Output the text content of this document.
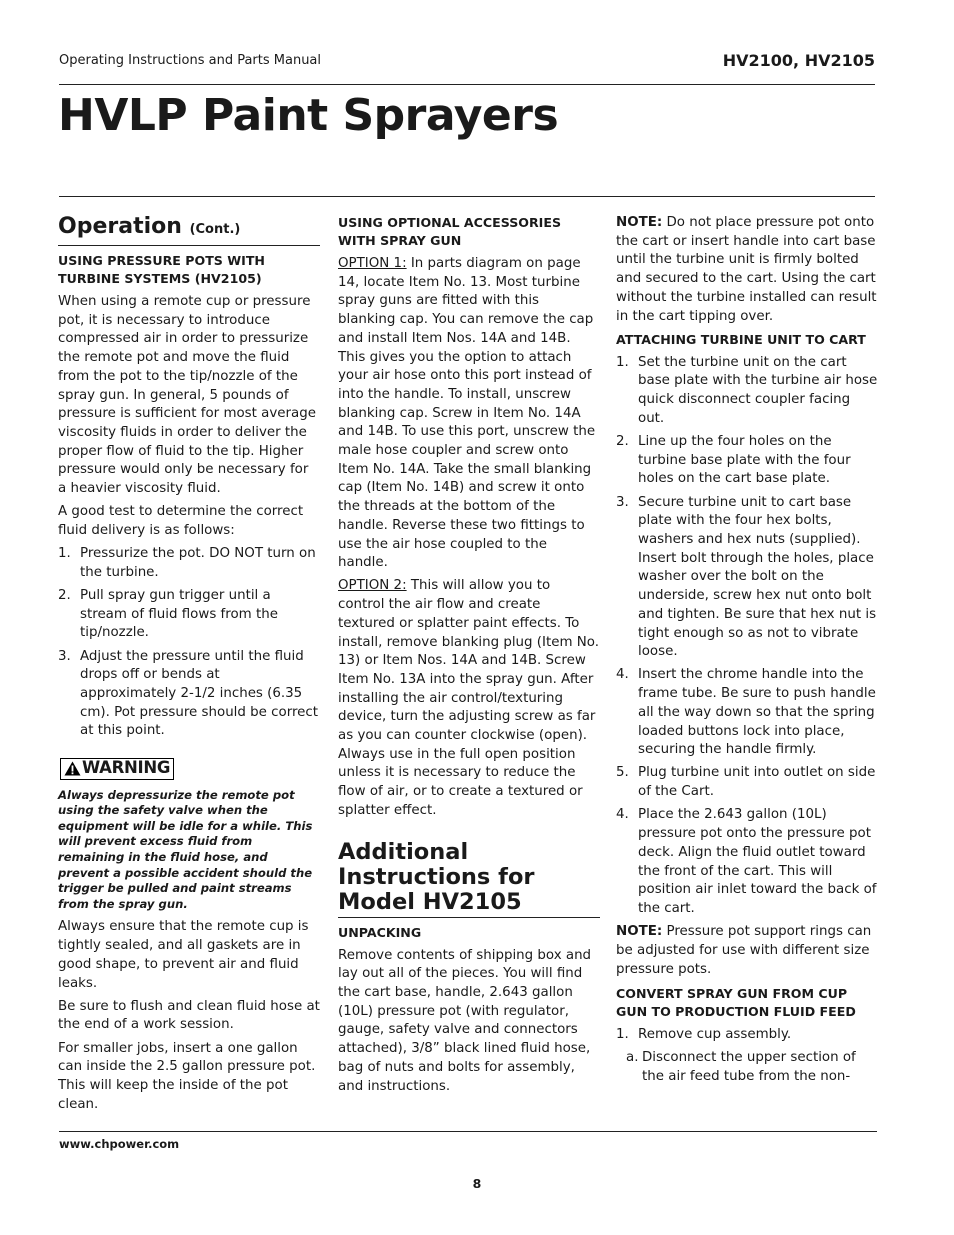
Operating Instructions and Parts Manual	HV2100, HV2105
HVLP Paint Sprayers
Operation (Cont.)
USING PRESSURE POTS WITH TURBINE SYSTEMS (HV2105)

When using a remote cup or pressure pot, it is necessary to introduce compressed air in order to pressurize the remote pot and move the fluid from the pot to the tip/nozzle of the spray gun. In general, 5 pounds of pressure is sufficient for most average viscosity fluids in order to deliver the proper flow of fluid to the tip. Higher pressure would only be necessary for a heavier viscosity fluid.

A good test to determine the correct fluid delivery is as follows:

1. Pressurize the pot. DO NOT turn on the turbine.
2. Pull spray gun trigger until a stream of fluid flows from the tip/nozzle.
3. Adjust the pressure until the fluid drops off or bends at approximately 2-1/2 inches (6.35 cm). Pot pressure should be correct at this point.
WARNING

Always depressurize the remote pot using the safety valve when the equipment will be idle for a while. This will prevent excess fluid from remaining in the fluid hose, and prevent a possible accident should the trigger be pulled and paint streams from the spray gun.

Always ensure that the remote cup is tightly sealed, and all gaskets are in good shape, to prevent air and fluid leaks.

Be sure to flush and clean fluid hose at the end of a work session.

For smaller jobs, insert a one gallon can inside the 2.5 gallon pressure pot. This will keep the inside of the pot clean.

USING OPTIONAL ACCESSORIES WITH SPRAY GUN

OPTION 1: In parts diagram on page 14, locate Item No. 13. Most turbine spray guns are fitted with this blanking cap. You can remove the cap and install Item Nos. 14A and 14B. This gives you the option to attach your air hose onto this port instead of into the handle. To install, unscrew blanking cap. Screw in Item No. 14A and 14B. To use this port, unscrew the male hose coupler and screw onto Item No. 14A. Take the small blanking cap (Item No. 14B) and screw it onto the threads at the bottom of the handle. Reverse these two fittings to use the air hose coupled to the handle.

OPTION 2: This will allow you to control the air flow and create textured or splatter paint effects. To install, remove blanking plug (Item No. 13) or Item Nos. 14A and 14B. Screw Item No. 13A into the spray gun. After installing the air control/texturing device, turn the adjusting screw as far as you can counter clockwise (open). Always use in the full open position unless it is necessary to reduce the flow of air, or to create a textured or splatter effect.

Additional Instructions for Model HV2105
UNPACKING

Remove contents of shipping box and lay out all of the pieces. You will find the cart base, handle, 2.643 gallon (10L) pressure pot (with regulator, gauge, safety valve and connectors attached), 3/8” black lined fluid hose, bag of nuts and bolts for assembly, and instructions.

NOTE: Do not place pressure pot onto the cart or insert handle into cart base until the turbine unit is firmly bolted and secured to the cart. Using the cart without the turbine installed can result in the cart tipping over.

ATTACHING TURBINE UNIT TO CART
1. Set the turbine unit on the cart base plate with the turbine air hose quick disconnect coupler facing out.
2. Line up the four holes on the turbine base plate with the four holes on the cart base plate.
3. Secure turbine unit to cart base plate with the four hex bolts, washers and hex nuts (supplied). Insert bolt through the holes, place washer over the bolt on the underside, screw hex nut onto bolt and tighten. Be sure that hex nut is tight enough so as not to vibrate loose.
4. Insert the chrome handle into the frame tube. Be sure to push handle all the way down so that the spring loaded buttons lock into place, securing the handle firmly.
5. Plug turbine unit into outlet on side of the Cart.
4. Place the 2.643 gallon (10L) pressure pot onto the pressure pot deck. Align the fluid outlet toward the front of the cart. This will position air inlet toward the back of the cart.

NOTE: Pressure pot support rings can be adjusted for use with different size pressure pots.

CONVERT SPRAY GUN FROM CUP GUN TO PRODUCTION FLUID FEED
1. Remove cup assembly.
a. Disconnect the upper section of the air feed tube from the non-
www.chpower.com
8
